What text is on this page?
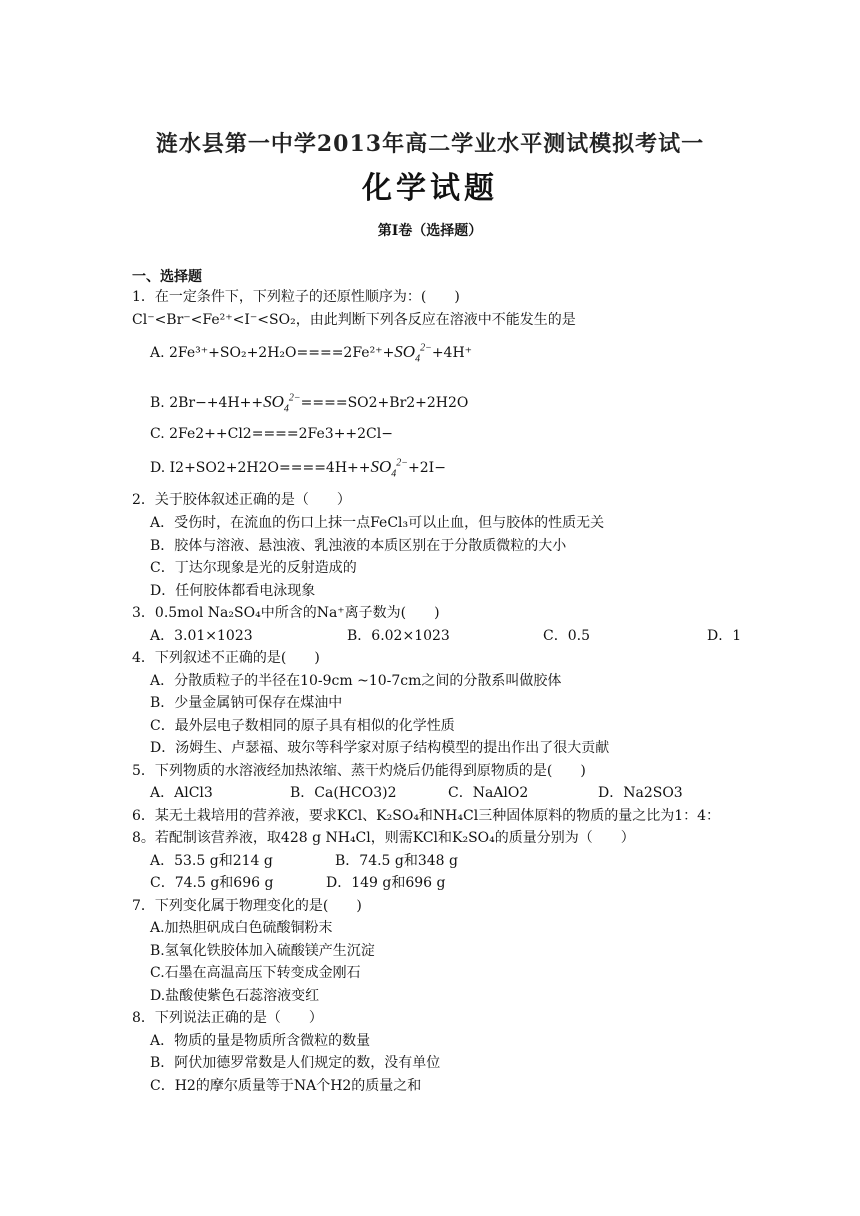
涟水县第一中学2013年高二学业水平测试模拟考试一
化学试题
第Ⅰ卷（选择题）
一、选择题
1．在一定条件下，下列粒子的还原性顺序为：(　　)
Cl⁻<Br⁻<Fe²⁺<I⁻<SO₂，由此判断下列各反应在溶液中不能发生的是
A. $2Fe^{3+}+SO_2+2H_2O====2Fe^{2+}+SO_4^{2-}+4H^+$
B. $2Br-+4H++SO_4^{2-}====SO2+Br2+2H2O$
C. 2Fe2++Cl2====2Fe3++2Cl−
D. $I2+SO2+2H2O====4H++SO_4^{2-}+2I-$
2．关于胶体叙述正确的是（　　）
A．受伤时，在流血的伤口上抹一点FeCl₃可以止血，但与胶体的性质无关
B．胶体与溶液、悬浊液、乳浊液的本质区别在于分散质微粒的大小
C．丁达尔现象是光的反射造成的
D．任何胶体都看电泳现象
3．0.5mol Na₂SO₄中所含的Na⁺离子数为(　　)
A．3.01×1023	B．6.02×1023	C．0.5	D．1
4．下列叙述不正确的是(　　)
A．分散质粒子的半径在10-9cm ~10-7cm之间的分散系叫做胶体
B．少量金属钠可保存在煤油中
C．最外层电子数相同的原子具有相似的化学性质
D．汤姆生、卢瑟福、玻尔等科学家对原子结构模型的提出作出了很大贡献
5．下列物质的水溶液经加热浓缩、蒸干灼烧后仍能得到原物质的是(　　)
A．AlCl3	B．Ca(HCO3)2	C．NaAlO2	D．Na2SO3
6．某无土栽培用的营养液，要求KCl、K₂SO₄和NH₄Cl三种固体原料的物质的量之比为1：4：
8。若配制该营养液，取428 g NH₄Cl，则需KCl和K₂SO₄的质量分别为（　　）
A．53.5 g和214 g	B．74.5 g和348 g
C．74.5 g和696 g	D．149 g和696 g
7．下列变化属于物理变化的是(　　)
A.加热胆矾成白色硫酸铜粉末
B.氢氧化铁胶体加入硫酸镁产生沉淀
C.石墨在高温高压下转变成金刚石
D.盐酸使紫色石蕊溶液变红
8．下列说法正确的是（　　）
A．物质的量是物质所含微粒的数量
B．阿伏加德罗常数是人们规定的数，没有单位
C．H2的摩尔质量等于NA个H2的质量之和
